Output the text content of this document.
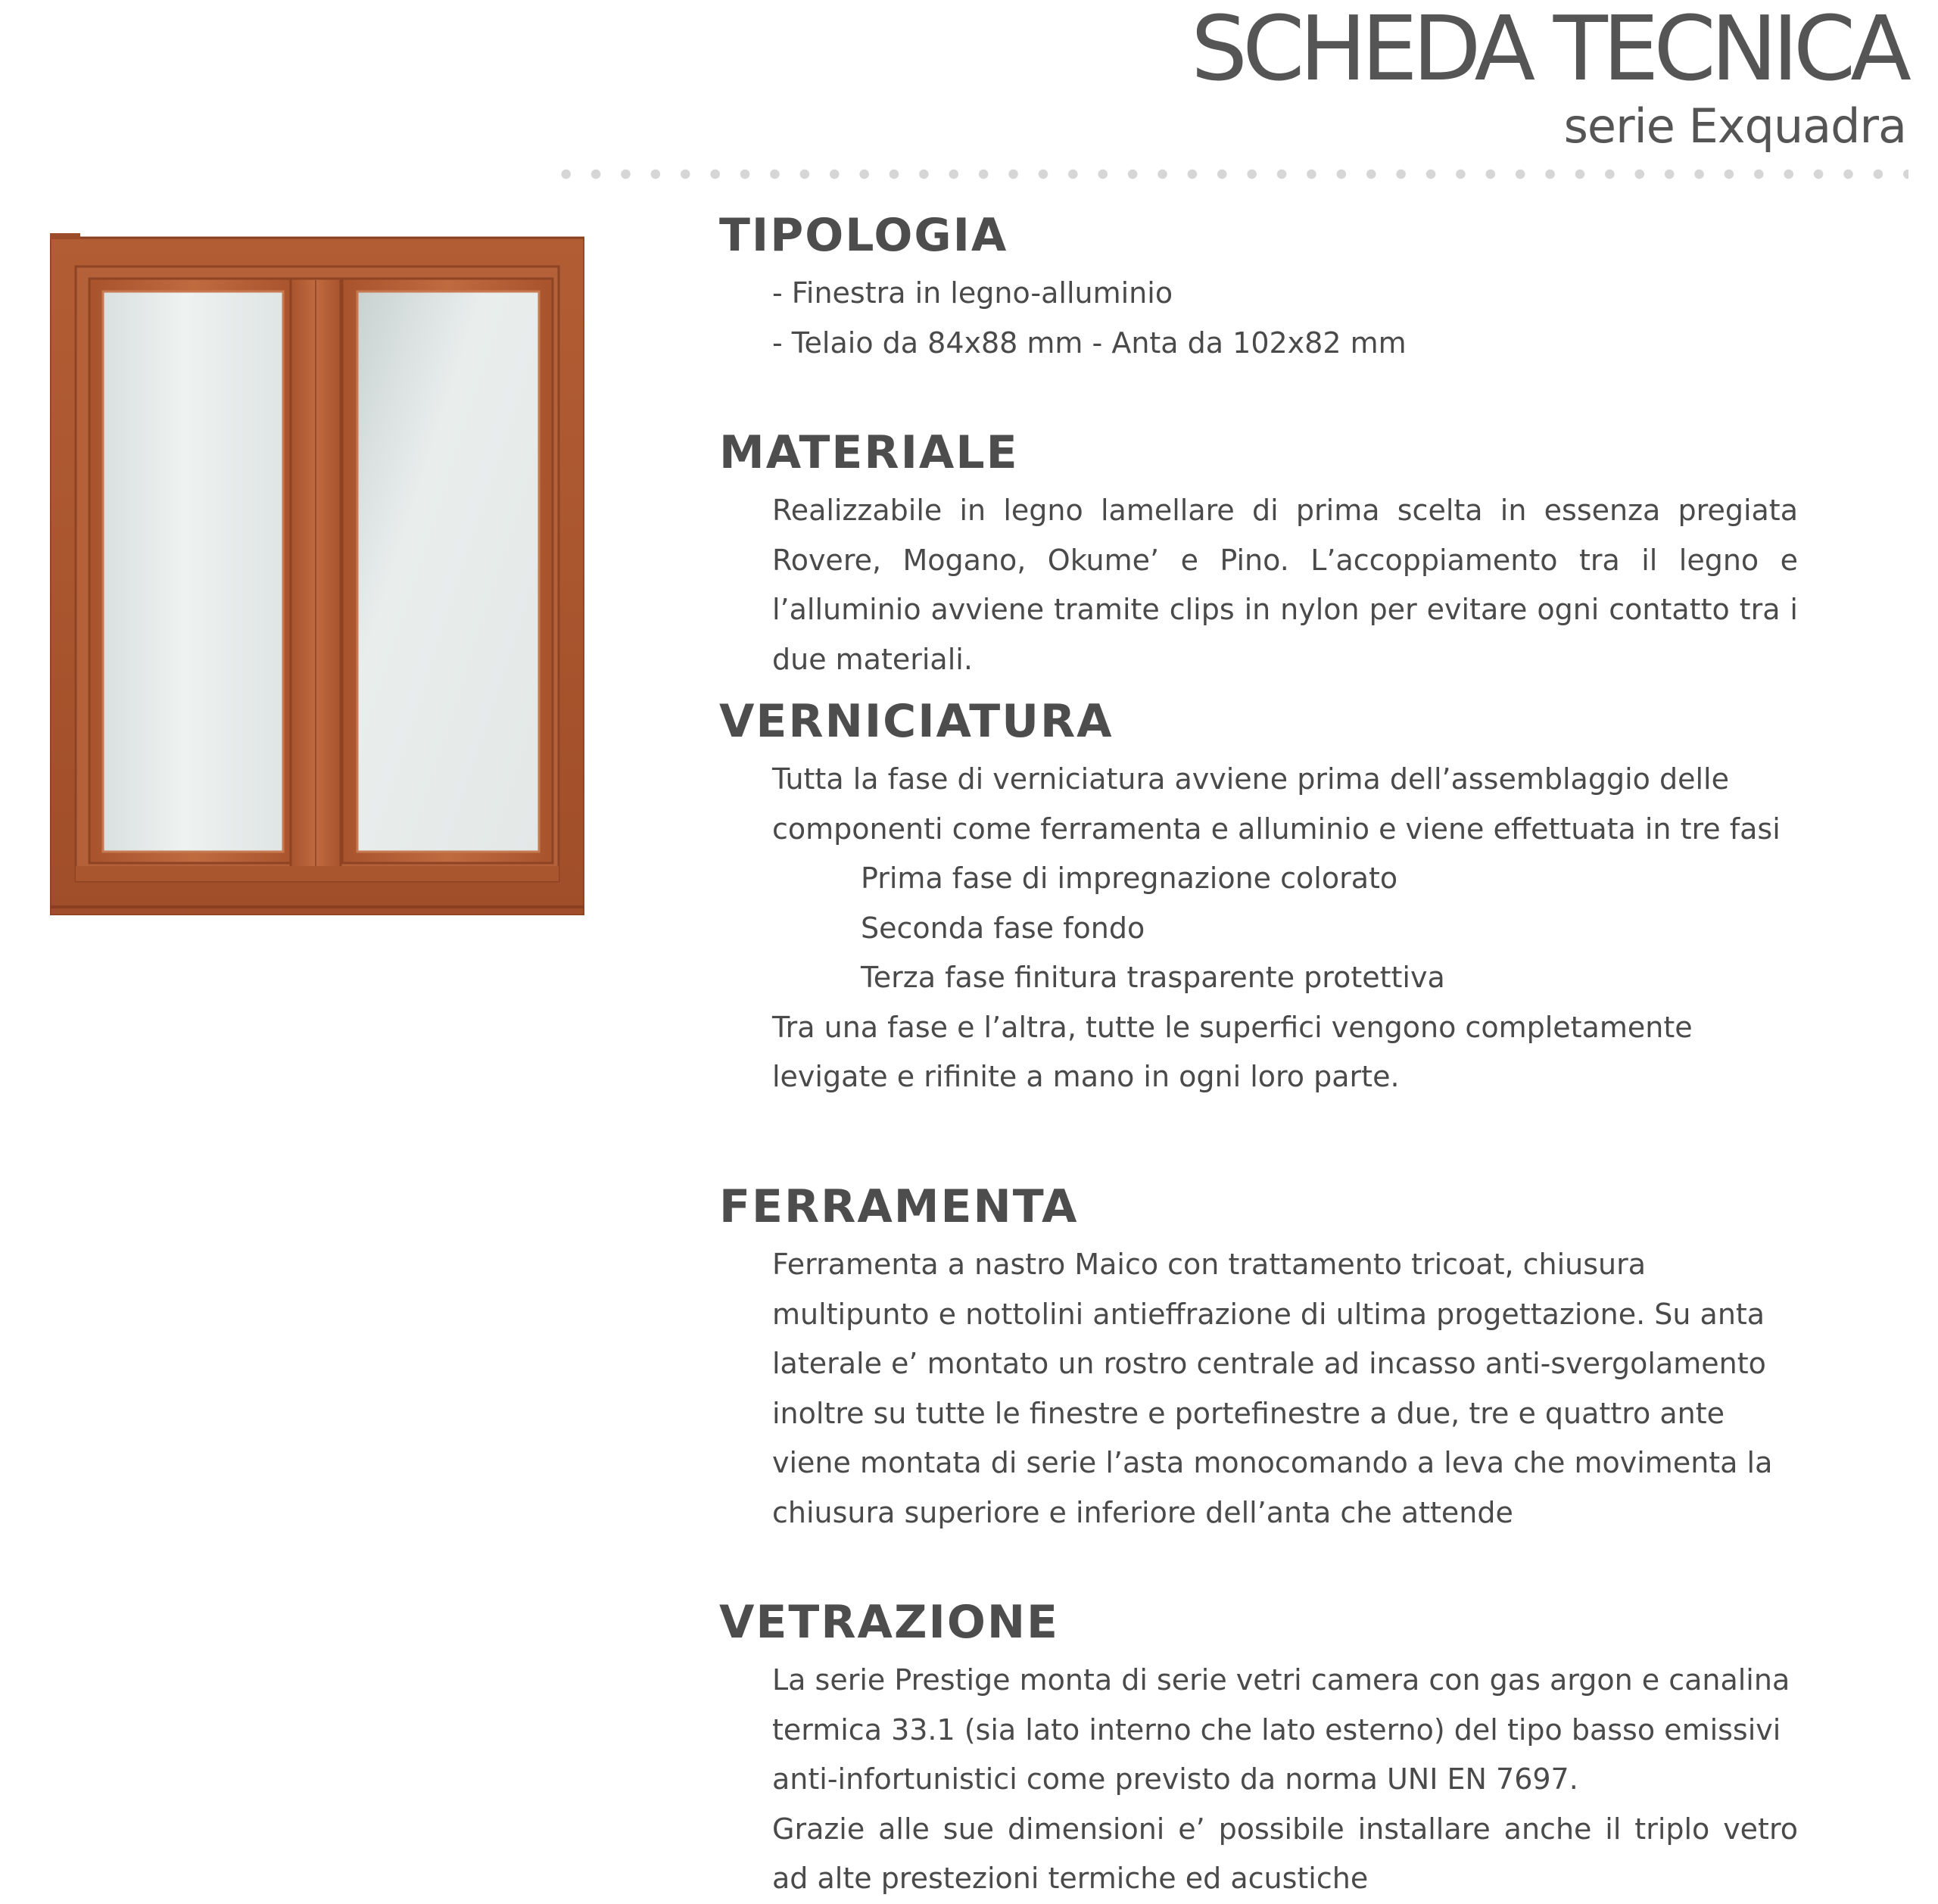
SCHEDA TECNICA
serie Exquadra
TIPOLOGIA
- Finestra in legno-alluminio
- Telaio da 84x88 mm - Anta da 102x82 mm
MATERIALE
Realizzabile in legno lamellare di prima scelta in essenza pregiata Rovere, Mogano, Okume’ e Pino. L’accoppiamento tra il legno e l’alluminio avviene tramite clips in nylon per evitare ogni contatto tra i due materiali.
VERNICIATURA
Tutta la fase di verniciatura avviene prima dell’assemblaggio delle componenti come ferramenta e alluminio e viene effettuata in tre fasi
Prima fase di impregnazione colorato
Seconda fase fondo
Terza fase finitura trasparente protettiva
Tra una fase e l’altra, tutte le superfici vengono completamente levigate e rifinite a mano in ogni loro parte.
FERRAMENTA
Ferramenta a nastro Maico con trattamento tricoat, chiusura multipunto e nottolini antieffrazione di ultima progettazione. Su anta laterale e’ montato un rostro centrale ad incasso anti-svergolamento inoltre su tutte le finestre e portefinestre a due, tre e quattro ante viene montata di serie l’asta monocomando a leva che movimenta la chiusura superiore e inferiore dell’anta che attende
VETRAZIONE
La serie Prestige monta di serie vetri camera con gas argon e canalina termica 33.1 (sia lato interno che lato esterno) del tipo basso emissivi anti-infortunistici come previsto da norma UNI EN 7697.
Grazie alle sue dimensioni e’ possibile installare anche il triplo vetro ad alte prestezioni termiche ed acustiche
